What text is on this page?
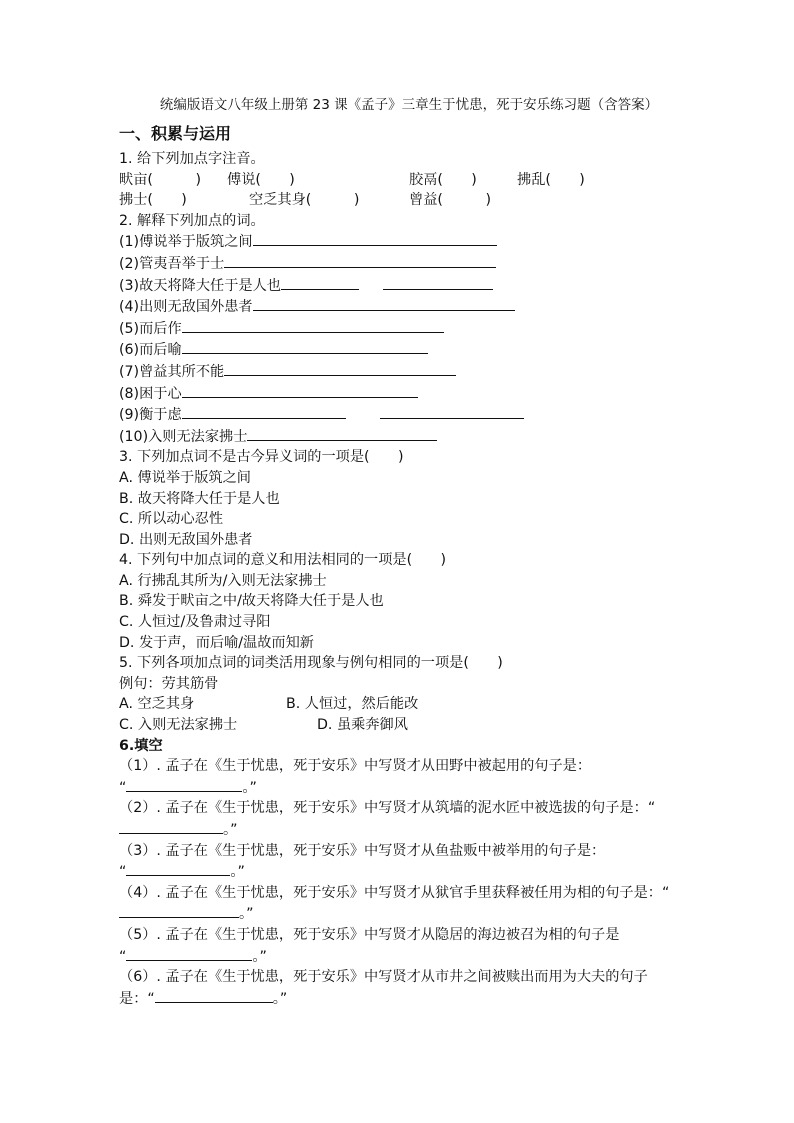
统编版语文八年级上册第 23 课《孟子》三章生于忧患，死于安乐练习题（含答案）
一、积累与运用
1. 给下列加点字注音。
畎亩(　　　)	傅说(　　)	胶鬲(　　)	拂乱(　　)
拂士(　　)	空乏其身(　　　)	曾益(　　　)
2. 解释下列加点的词。
(1)傅说举于版筑之间
(2)管夷吾举于士
(3)故天将降大任于是人也
(4)出则无敌国外患者
(5)而后作
(6)而后喻
(7)曾益其所不能
(8)困于心
(9)衡于虑
(10)入则无法家拂士
3. 下列加点词不是古今异义词的一项是(　　)
A. 傅说举于版筑之间
B. 故天将降大任于是人也
C. 所以动心忍性
D. 出则无敌国外患者
4. 下列句中加点词的意义和用法相同的一项是(　　)
A. 行拂乱其所为/入则无法家拂士
B. 舜发于畎亩之中/故天将降大任于是人也
C. 人恒过/及鲁肃过寻阳
D. 发于声，而后喻/温故而知新
5. 下列各项加点词的词类活用现象与例句相同的一项是(　　)
例句：劳其筋骨
A. 空乏其身	B. 人恒过，然后能改
C. 入则无法家拂士	D. 虽乘奔御风
6.填空
（1）. 孟子在《生于忧患，死于安乐》中写贤才从田野中被起用的句子是：
“	。”
（2）. 孟子在《生于忧患，死于安乐》中写贤才从筑墙的泥水匠中被选拔的句子是：“。”
（3）. 孟子在《生于忧患，死于安乐》中写贤才从鱼盐贩中被举用的句子是：
“	。”
（4）. 孟子在《生于忧患，死于安乐》中写贤才从狱官手里获释被任用为相的句子是：“。”
（5）. 孟子在《生于忧患，死于安乐》中写贤才从隐居的海边被召为相的句子是
“	。”
（6）. 孟子在《生于忧患，死于安乐》中写贤才从市井之间被赎出而用为大夫的句子是：“	。”
